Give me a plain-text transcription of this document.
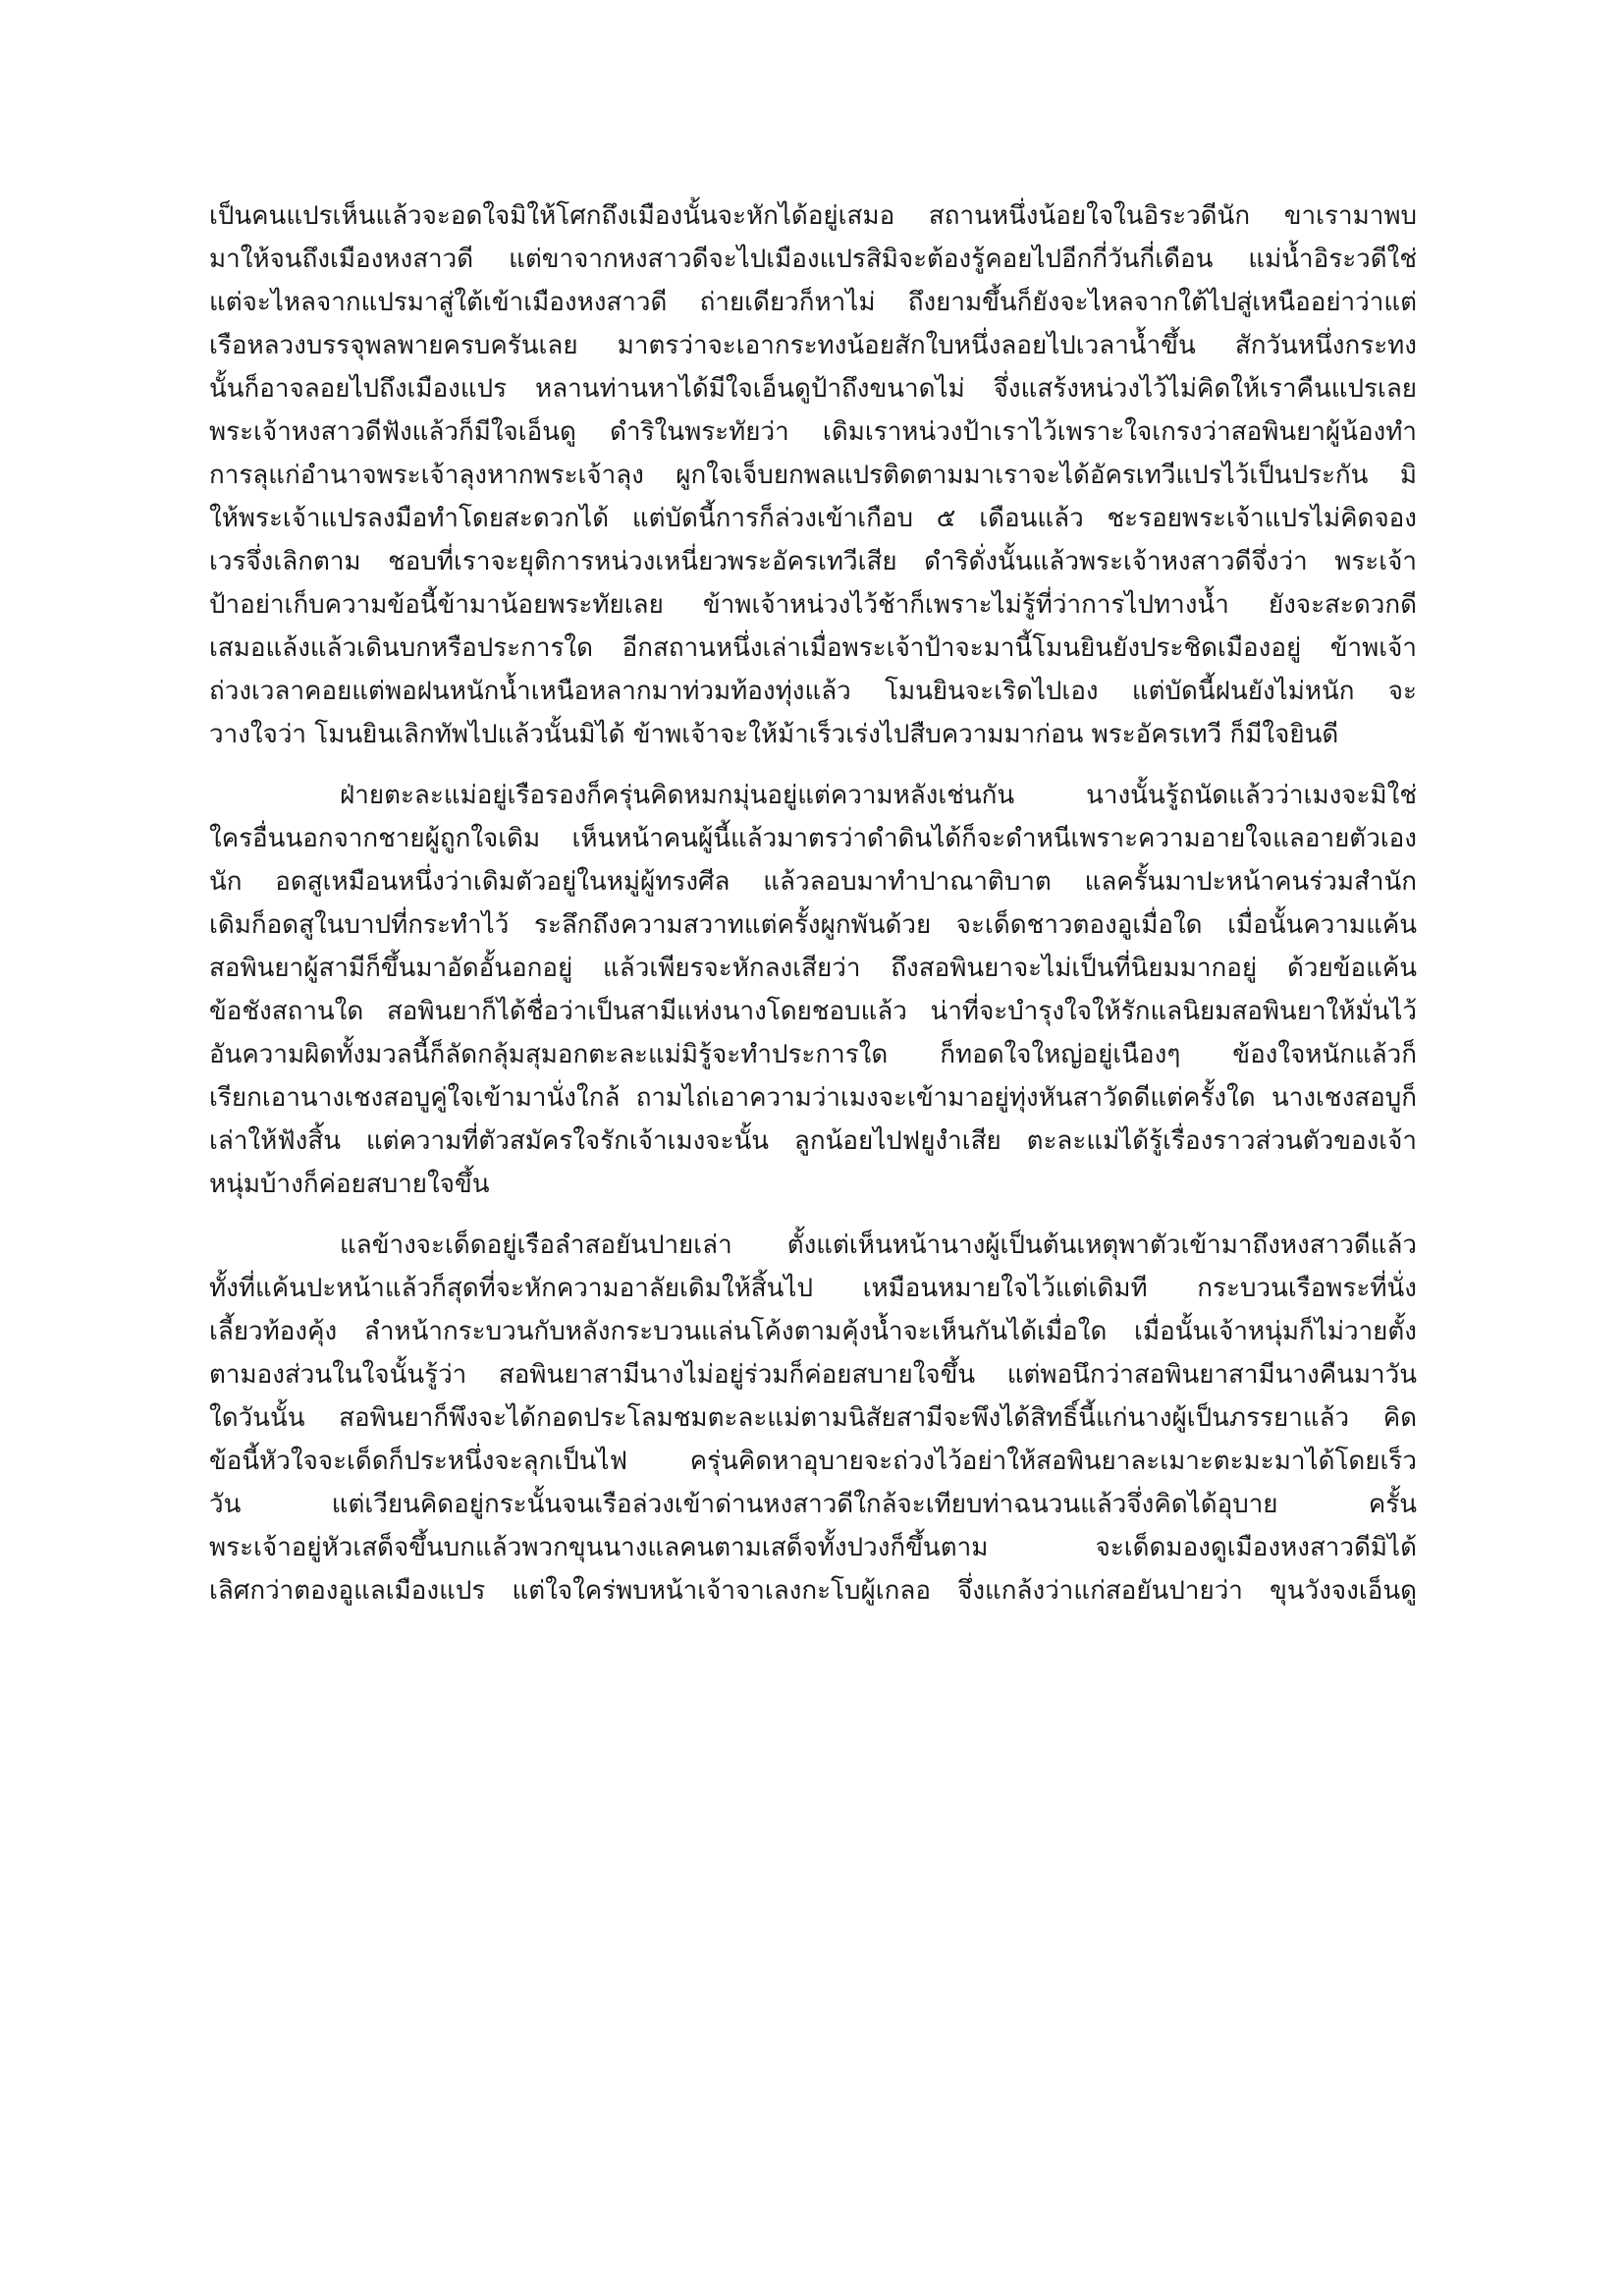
เป็นคนแปรเห็นแล้วจะอดใจมิให้โศกถึงเมืองนั้นจะหักได้อยู่เสมอ สถานหนึ่งน้อยใจในอิระวดีนัก ขาเรามาพบ
มาให้จนถึงเมืองหงสาวดี แต่ขาจากหงสาวดีจะไปเมืองแปรสิมิจะต้องรู้คอยไปอีกกี่วันกี่เดือน แม่น้ำอิระวดีใช่
แต่จะไหลจากแปรมาสู่ใต้เข้าเมืองหงสาวดี ถ่ายเดียวก็หาไม่ ถึงยามขึ้นก็ยังจะไหลจากใต้ไปสู่เหนืออย่าว่าแต่
เรือหลวงบรรจุพลพายครบครันเลย มาตรว่าจะเอากระทงน้อยสักใบหนึ่งลอยไปเวลาน้ำขึ้น สักวันหนึ่งกระทง
นั้นก็อาจลอยไปถึงเมืองแปร หลานท่านหาได้มีใจเอ็นดูป้าถึงขนาดไม่ จึ่งแสร้งหน่วงไว้ไม่คิดให้เราคืนแปรเลย
พระเจ้าหงสาวดีฟังแล้วก็มีใจเอ็นดู ดำริในพระทัยว่า เดิมเราหน่วงป้าเราไว้เพราะใจเกรงว่าสอพินยาผู้น้องทำ
การลุแก่อำนาจพระเจ้าลุงหากพระเจ้าลุง ผูกใจเจ็บยกพลแปรติดตามมาเราจะได้อัครเทวีแปรไว้เป็นประกัน มิ
ให้พระเจ้าแปรลงมือทำโดยสะดวกได้ แต่บัดนี้การก็ล่วงเข้าเกือบ ๕ เดือนแล้ว ชะรอยพระเจ้าแปรไม่คิดจอง
เวรจึ่งเลิกตาม ชอบที่เราจะยุติการหน่วงเหนี่ยวพระอัครเทวีเสีย ดำริดั่งนั้นแล้วพระเจ้าหงสาวดีจึ่งว่า พระเจ้า
ป้าอย่าเก็บความข้อนี้ข้ามาน้อยพระทัยเลย ข้าพเจ้าหน่วงไว้ช้าก็เพราะไม่รู้ที่ว่าการไปทางน้ำ ยังจะสะดวกดี
เสมอแล้งแล้วเดินบกหรือประการใด อีกสถานหนึ่งเล่าเมื่อพระเจ้าป้าจะมานี้โมนยินยังประชิดเมืองอยู่ ข้าพเจ้า
ถ่วงเวลาคอยแต่พอฝนหนักน้ำเหนือหลากมาท่วมท้องทุ่งแล้ว โมนยินจะเริดไปเอง แต่บัดนี้ฝนยังไม่หนัก จะ
วางใจว่า โมนยินเลิกทัพไปแล้วนั้นมิได้ ข้าพเจ้าจะให้ม้าเร็วเร่งไปสืบความมาก่อน พระอัครเทวี ก็มีใจยินดี
ฝ่ายตะละแม่อยู่เรือรองก็ครุ่นคิดหมกมุ่นอยู่แต่ความหลังเช่นกัน นางนั้นรู้ถนัดแล้วว่าเมงจะมิใช่
ใครอื่นนอกจากชายผู้ถูกใจเดิม เห็นหน้าคนผู้นี้แล้วมาตรว่าดำดินได้ก็จะดำหนีเพราะความอายใจแลอายตัวเอง
นัก อดสูเหมือนหนึ่งว่าเดิมตัวอยู่ในหมู่ผู้ทรงศีล แล้วลอบมาทำปาณาติบาต แลครั้นมาปะหน้าคนร่วมสำนัก
เดิมก็อดสูในบาปที่กระทำไว้ ระลึกถึงความสวาทแต่ครั้งผูกพันด้วย จะเด็ดชาวตองอูเมื่อใด เมื่อนั้นความแค้น
สอพินยาผู้สามีก็ขึ้นมาอัดอั้นอกอยู่ แล้วเพียรจะหักลงเสียว่า ถึงสอพินยาจะไม่เป็นที่นิยมมากอยู่ ด้วยข้อแค้น
ข้อชังสถานใด สอพินยาก็ได้ชื่อว่าเป็นสามีแห่งนางโดยชอบแล้ว น่าที่จะบำรุงใจให้รักแลนิยมสอพินยาให้มั่นไว้
อันความผิดทั้งมวลนี้ก็ลัดกลุ้มสุมอกตะละแม่มิรู้จะทำประการใด ก็ทอดใจใหญ่อยู่เนืองๆ ข้องใจหนักแล้วก็
เรียกเอานางเชงสอบูคู่ใจเข้ามานั่งใกล้ ถามไถ่เอาความว่าเมงจะเข้ามาอยู่ทุ่งหันสาวัดดีแต่ครั้งใด นางเชงสอบูก็
เล่าให้ฟังสิ้น แต่ความที่ตัวสมัครใจรักเจ้าเมงจะนั้น ลูกน้อยไปฟยูงำเสีย ตะละแม่ได้รู้เรื่องราวส่วนตัวของเจ้า
หนุ่มบ้างก็ค่อยสบายใจขึ้น
แลข้างจะเด็ดอยู่เรือลำสอยันปายเล่า ตั้งแต่เห็นหน้านางผู้เป็นต้นเหตุพาตัวเข้ามาถึงหงสาวดีแล้ว
ทั้งที่แค้นปะหน้าแล้วก็สุดที่จะหักความอาลัยเดิมให้สิ้นไป เหมือนหมายใจไว้แต่เดิมที กระบวนเรือพระที่นั่ง
เลี้ยวท้องคุ้ง ลำหน้ากระบวนกับหลังกระบวนแล่นโค้งตามคุ้งน้ำจะเห็นกันได้เมื่อใด เมื่อนั้นเจ้าหนุ่มก็ไม่วายตั้ง
ตามองส่วนในใจนั้นรู้ว่า สอพินยาสามีนางไม่อยู่ร่วมก็ค่อยสบายใจขึ้น แต่พอนึกว่าสอพินยาสามีนางคืนมาวัน
ใดวันนั้น สอพินยาก็พึงจะได้กอดประโลมชมตะละแม่ตามนิสัยสามีจะพึงได้สิทธิ์นี้แก่นางผู้เป็นภรรยาแล้ว คิด
ข้อนี้หัวใจจะเด็ดก็ประหนึ่งจะลุกเป็นไฟ ครุ่นคิดหาอุบายจะถ่วงไว้อย่าให้สอพินยาละเมาะตะมะมาได้โดยเร็ว
วัน แต่เวียนคิดอยู่กระนั้นจนเรือล่วงเข้าด่านหงสาวดีใกล้จะเทียบท่าฉนวนแล้วจึ่งคิดได้อุบาย ครั้น
พระเจ้าอยู่หัวเสด็จขึ้นบกแล้วพวกขุนนางแลคนตามเสด็จทั้งปวงก็ขึ้นตาม จะเด็ดมองดูเมืองหงสาวดีมิได้
เลิศกว่าตองอูแลเมืองแปร แต่ใจใคร่พบหน้าเจ้าจาเลงกะโบผู้เกลอ จึ่งแกล้งว่าแก่สอยันปายว่า ขุนวังจงเอ็นดู
